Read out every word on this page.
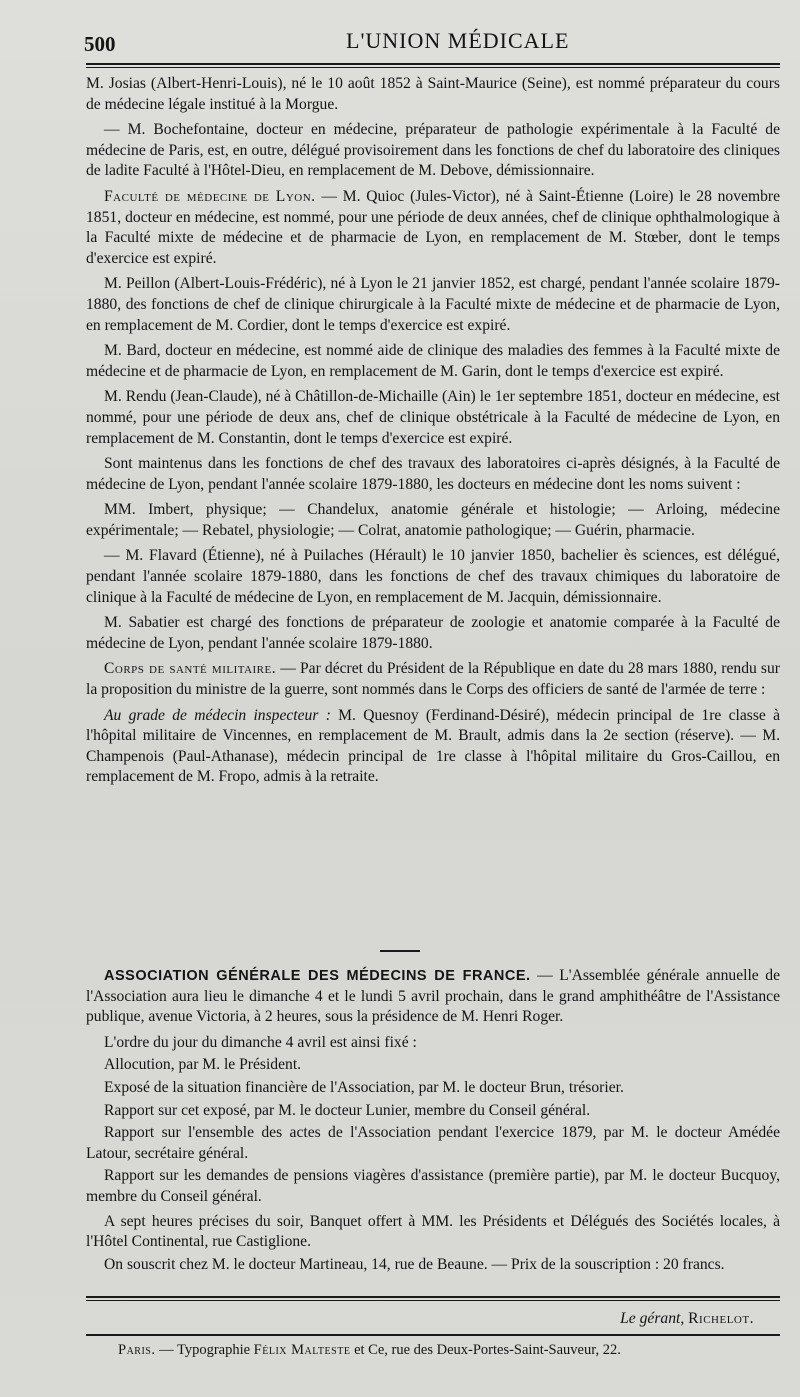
500	L'UNION MÉDICALE

M. Josias (Albert-Henri-Louis), né le 10 août 1852 à Saint-Maurice (Seine), est nommé préparateur du cours de médecine légale institué à la Morgue.

— M. Bochefontaine, docteur en médecine, préparateur de pathologie expérimentale à la Faculté de médecine de Paris, est, en outre, délégué provisoirement dans les fonctions de chef du laboratoire des cliniques de ladite Faculté à l'Hôtel-Dieu, en remplacement de M. Debove, démissionnaire.

Faculté de médecine de Lyon. — M. Quioc (Jules-Victor), né à Saint-Étienne (Loire) le 28 novembre 1851, docteur en médecine, est nommé, pour une période de deux années, chef de clinique ophthalmologique à la Faculté mixte de médecine et de pharmacie de Lyon, en remplacement de M. Stœber, dont le temps d'exercice est expiré.

M. Peillon (Albert-Louis-Frédéric), né à Lyon le 21 janvier 1852, est chargé, pendant l'année scolaire 1879-1880, des fonctions de chef de clinique chirurgicale à la Faculté mixte de médecine et de pharmacie de Lyon, en remplacement de M. Cordier, dont le temps d'exercice est expiré.

M. Bard, docteur en médecine, est nommé aide de clinique des maladies des femmes à la Faculté mixte de médecine et de pharmacie de Lyon, en remplacement de M. Garin, dont le temps d'exercice est expiré.

M. Rendu (Jean-Claude), né à Châtillon-de-Michaille (Ain) le 1er septembre 1851, docteur en médecine, est nommé, pour une période de deux ans, chef de clinique obstétricale à la Faculté de médecine de Lyon, en remplacement de M. Constantin, dont le temps d'exercice est expiré.

Sont maintenus dans les fonctions de chef des travaux des laboratoires ci-après désignés, à la Faculté de médecine de Lyon, pendant l'année scolaire 1879-1880, les docteurs en médecine dont les noms suivent :

MM. Imbert, physique; — Chandelux, anatomie générale et histologie; — Arloing, médecine expérimentale; — Rebatel, physiologie; — Colrat, anatomie pathologique; — Guérin, pharmacie.

— M. Flavard (Étienne), né à Puilaches (Hérault) le 10 janvier 1850, bachelier ès sciences, est délégué, pendant l'année scolaire 1879-1880, dans les fonctions de chef des travaux chimiques du laboratoire de clinique à la Faculté de médecine de Lyon, en remplacement de M. Jacquin, démissionnaire.

M. Sabatier est chargé des fonctions de préparateur de zoologie et anatomie comparée à la Faculté de médecine de Lyon, pendant l'année scolaire 1879-1880.

Corps de santé militaire. — Par décret du Président de la République en date du 28 mars 1880, rendu sur la proposition du ministre de la guerre, sont nommés dans le Corps des officiers de santé de l'armée de terre :

Au grade de médecin inspecteur : M. Quesnoy (Ferdinand-Désiré), médecin principal de 1re classe à l'hôpital militaire de Vincennes, en remplacement de M. Brault, admis dans la 2e section (réserve). — M. Champenois (Paul-Athanase), médecin principal de 1re classe à l'hôpital militaire du Gros-Caillou, en remplacement de M. Fropo, admis à la retraite.

ASSOCIATION GÉNÉRALE DES MÉDECINS DE FRANCE. — L'Assemblée générale annuelle de l'Association aura lieu le dimanche 4 et le lundi 5 avril prochain, dans le grand amphithéâtre de l'Assistance publique, avenue Victoria, à 2 heures, sous la présidence de M. Henri Roger.

L'ordre du jour du dimanche 4 avril est ainsi fixé :

Allocution, par M. le Président.

Exposé de la situation financière de l'Association, par M. le docteur Brun, trésorier.

Rapport sur cet exposé, par M. le docteur Lunier, membre du Conseil général.

Rapport sur l'ensemble des actes de l'Association pendant l'exercice 1879, par M. le docteur Amédée Latour, secrétaire général.

Rapport sur les demandes de pensions viagères d'assistance (première partie), par M. le docteur Bucquoy, membre du Conseil général.

A sept heures précises du soir, Banquet offert à MM. les Présidents et Délégués des Sociétés locales, à l'Hôtel Continental, rue Castiglione.

On souscrit chez M. le docteur Martineau, 14, rue de Beaune. — Prix de la souscription : 20 francs.

Le gérant, Richelot.
Paris. — Typographie Félix Malteste et Ce, rue des Deux-Portes-Saint-Sauveur, 22.
